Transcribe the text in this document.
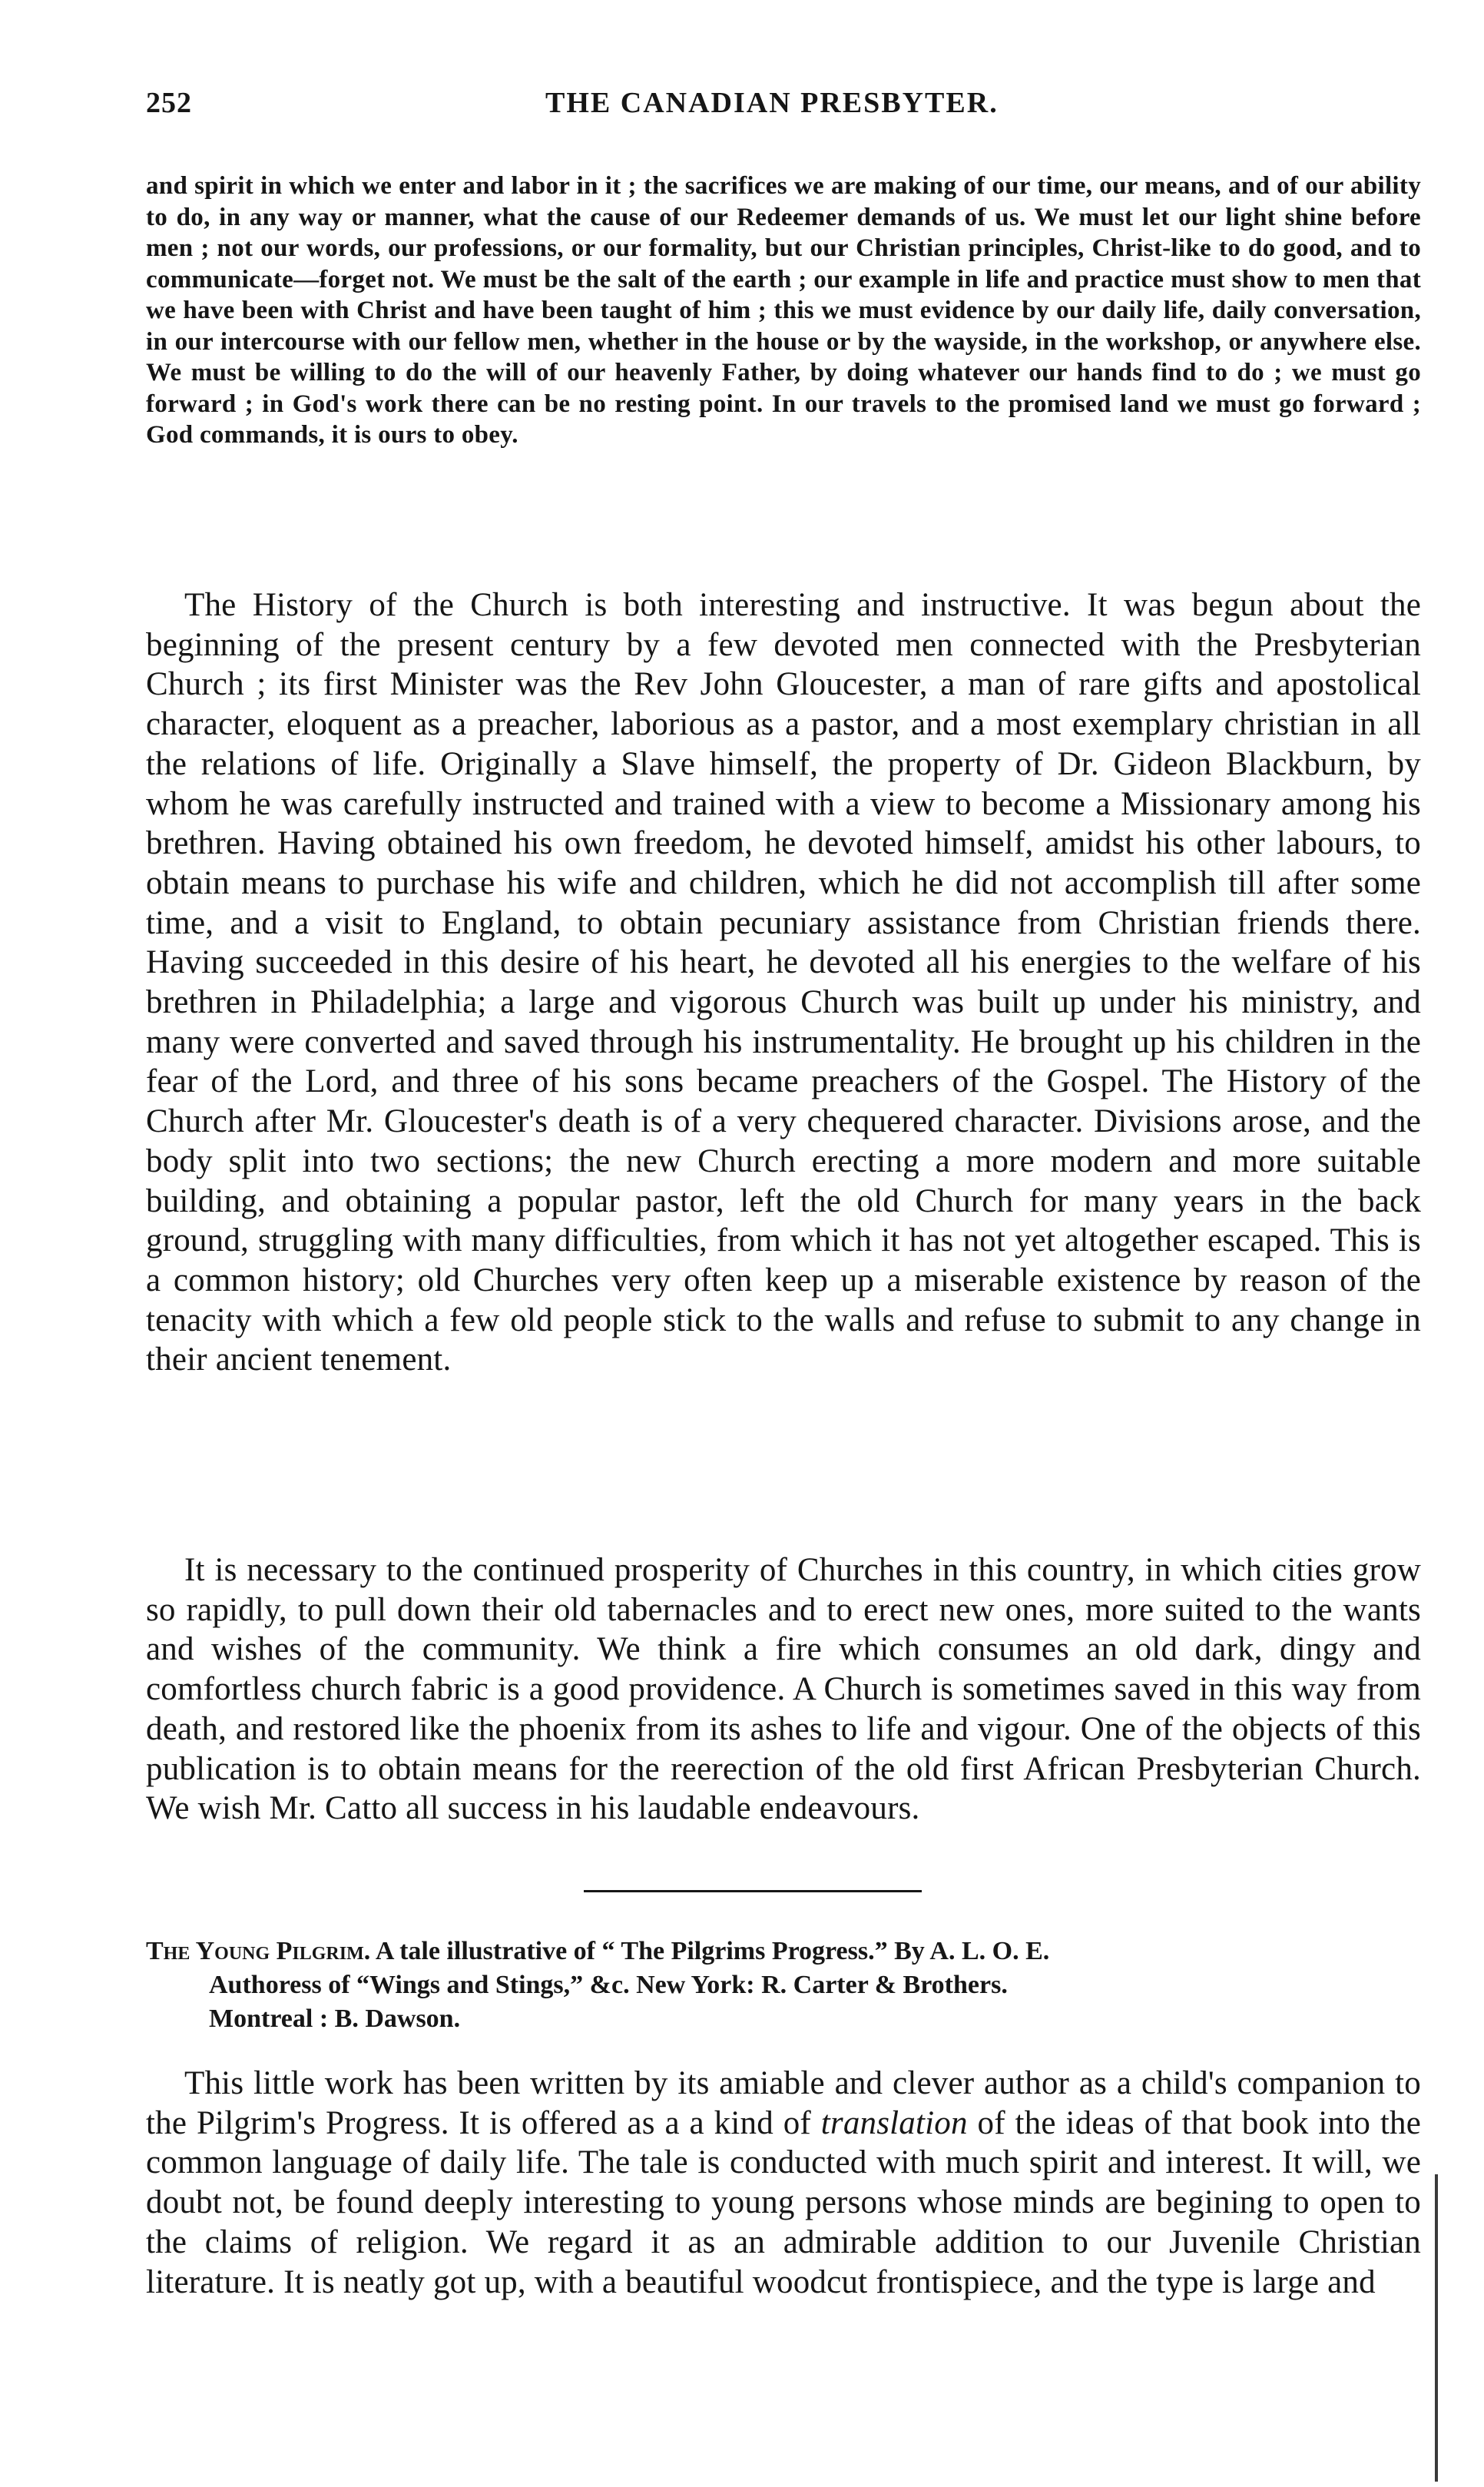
252	THE CANADIAN PRESBYTER.

and spirit in which we enter and labor in it ; the sacrifices we are making of our time, our means, and of our ability to do, in any way or manner, what the cause of our Redeemer demands of us. We must let our light shine before men ; not our words, our professions, or our formality, but our Christian principles, Christ-like to do good, and to communicate—forget not. We must be the salt of the earth ; our example in life and practice must show to men that we have been with Christ and have been taught of him ; this we must evidence by our daily life, daily conversation, in our intercourse with our fellow men, whether in the house or by the wayside, in the workshop, or anywhere else. We must be willing to do the will of our heavenly Father, by doing whatever our hands find to do ; we must go forward ; in God's work there can be no resting point. In our travels to the promised land we must go forward ; God commands, it is ours to obey.

The History of the Church is both interesting and instructive. It was begun about the beginning of the present century by a few devoted men connected with the Presbyterian Church ; its first Minister was the Rev John Gloucester, a man of rare gifts and apostolical character, eloquent as a preacher, laborious as a pastor, and a most exemplary christian in all the relations of life. Originally a Slave himself, the property of Dr. Gideon Blackburn, by whom he was carefully instructed and trained with a view to become a Missionary among his brethren. Having obtained his own freedom, he devoted himself, amidst his other labours, to obtain means to purchase his wife and children, which he did not accomplish till after some time, and a visit to England, to obtain pecuniary assistance from Christian friends there. Having succeeded in this desire of his heart, he devoted all his energies to the welfare of his brethren in Philadelphia; a large and vigorous Church was built up under his ministry, and many were converted and saved through his instrumentality. He brought up his children in the fear of the Lord, and three of his sons became preachers of the Gospel. The History of the Church after Mr. Gloucester's death is of a very chequered character. Divisions arose, and the body split into two sections; the new Church erecting a more modern and more suitable building, and obtaining a popular pastor, left the old Church for many years in the back ground, struggling with many difficulties, from which it has not yet altogether escaped. This is a common history; old Churches very often keep up a miserable existence by reason of the tenacity with which a few old people stick to the walls and refuse to submit to any change in their ancient tenement.

It is necessary to the continued prosperity of Churches in this country, in which cities grow so rapidly, to pull down their old tabernacles and to erect new ones, more suited to the wants and wishes of the community. We think a fire which consumes an old dark, dingy and comfortless church fabric is a good providence. A Church is sometimes saved in this way from death, and restored like the phoenix from its ashes to life and vigour. One of the objects of this publication is to obtain means for the reerection of the old first African Presbyterian Church. We wish Mr. Catto all success in his laudable endeavours.

The Young Pilgrim. A tale illustrative of “ The Pilgrims Progress.” By A. L. O. E.
Authoress of “Wings and Stings,” &c. New York: R. Carter & Brothers.
Montreal : B. Dawson.

This little work has been written by its amiable and clever author as a child's companion to the Pilgrim's Progress. It is offered as a a kind of translation of the ideas of that book into the common language of daily life. The tale is conducted with much spirit and interest. It will, we doubt not, be found deeply interesting to young persons whose minds are begining to open to the claims of religion. We regard it as an admirable addition to our Juvenile Christian literature. It is neatly got up, with a beautiful woodcut frontispiece, and the type is large and
